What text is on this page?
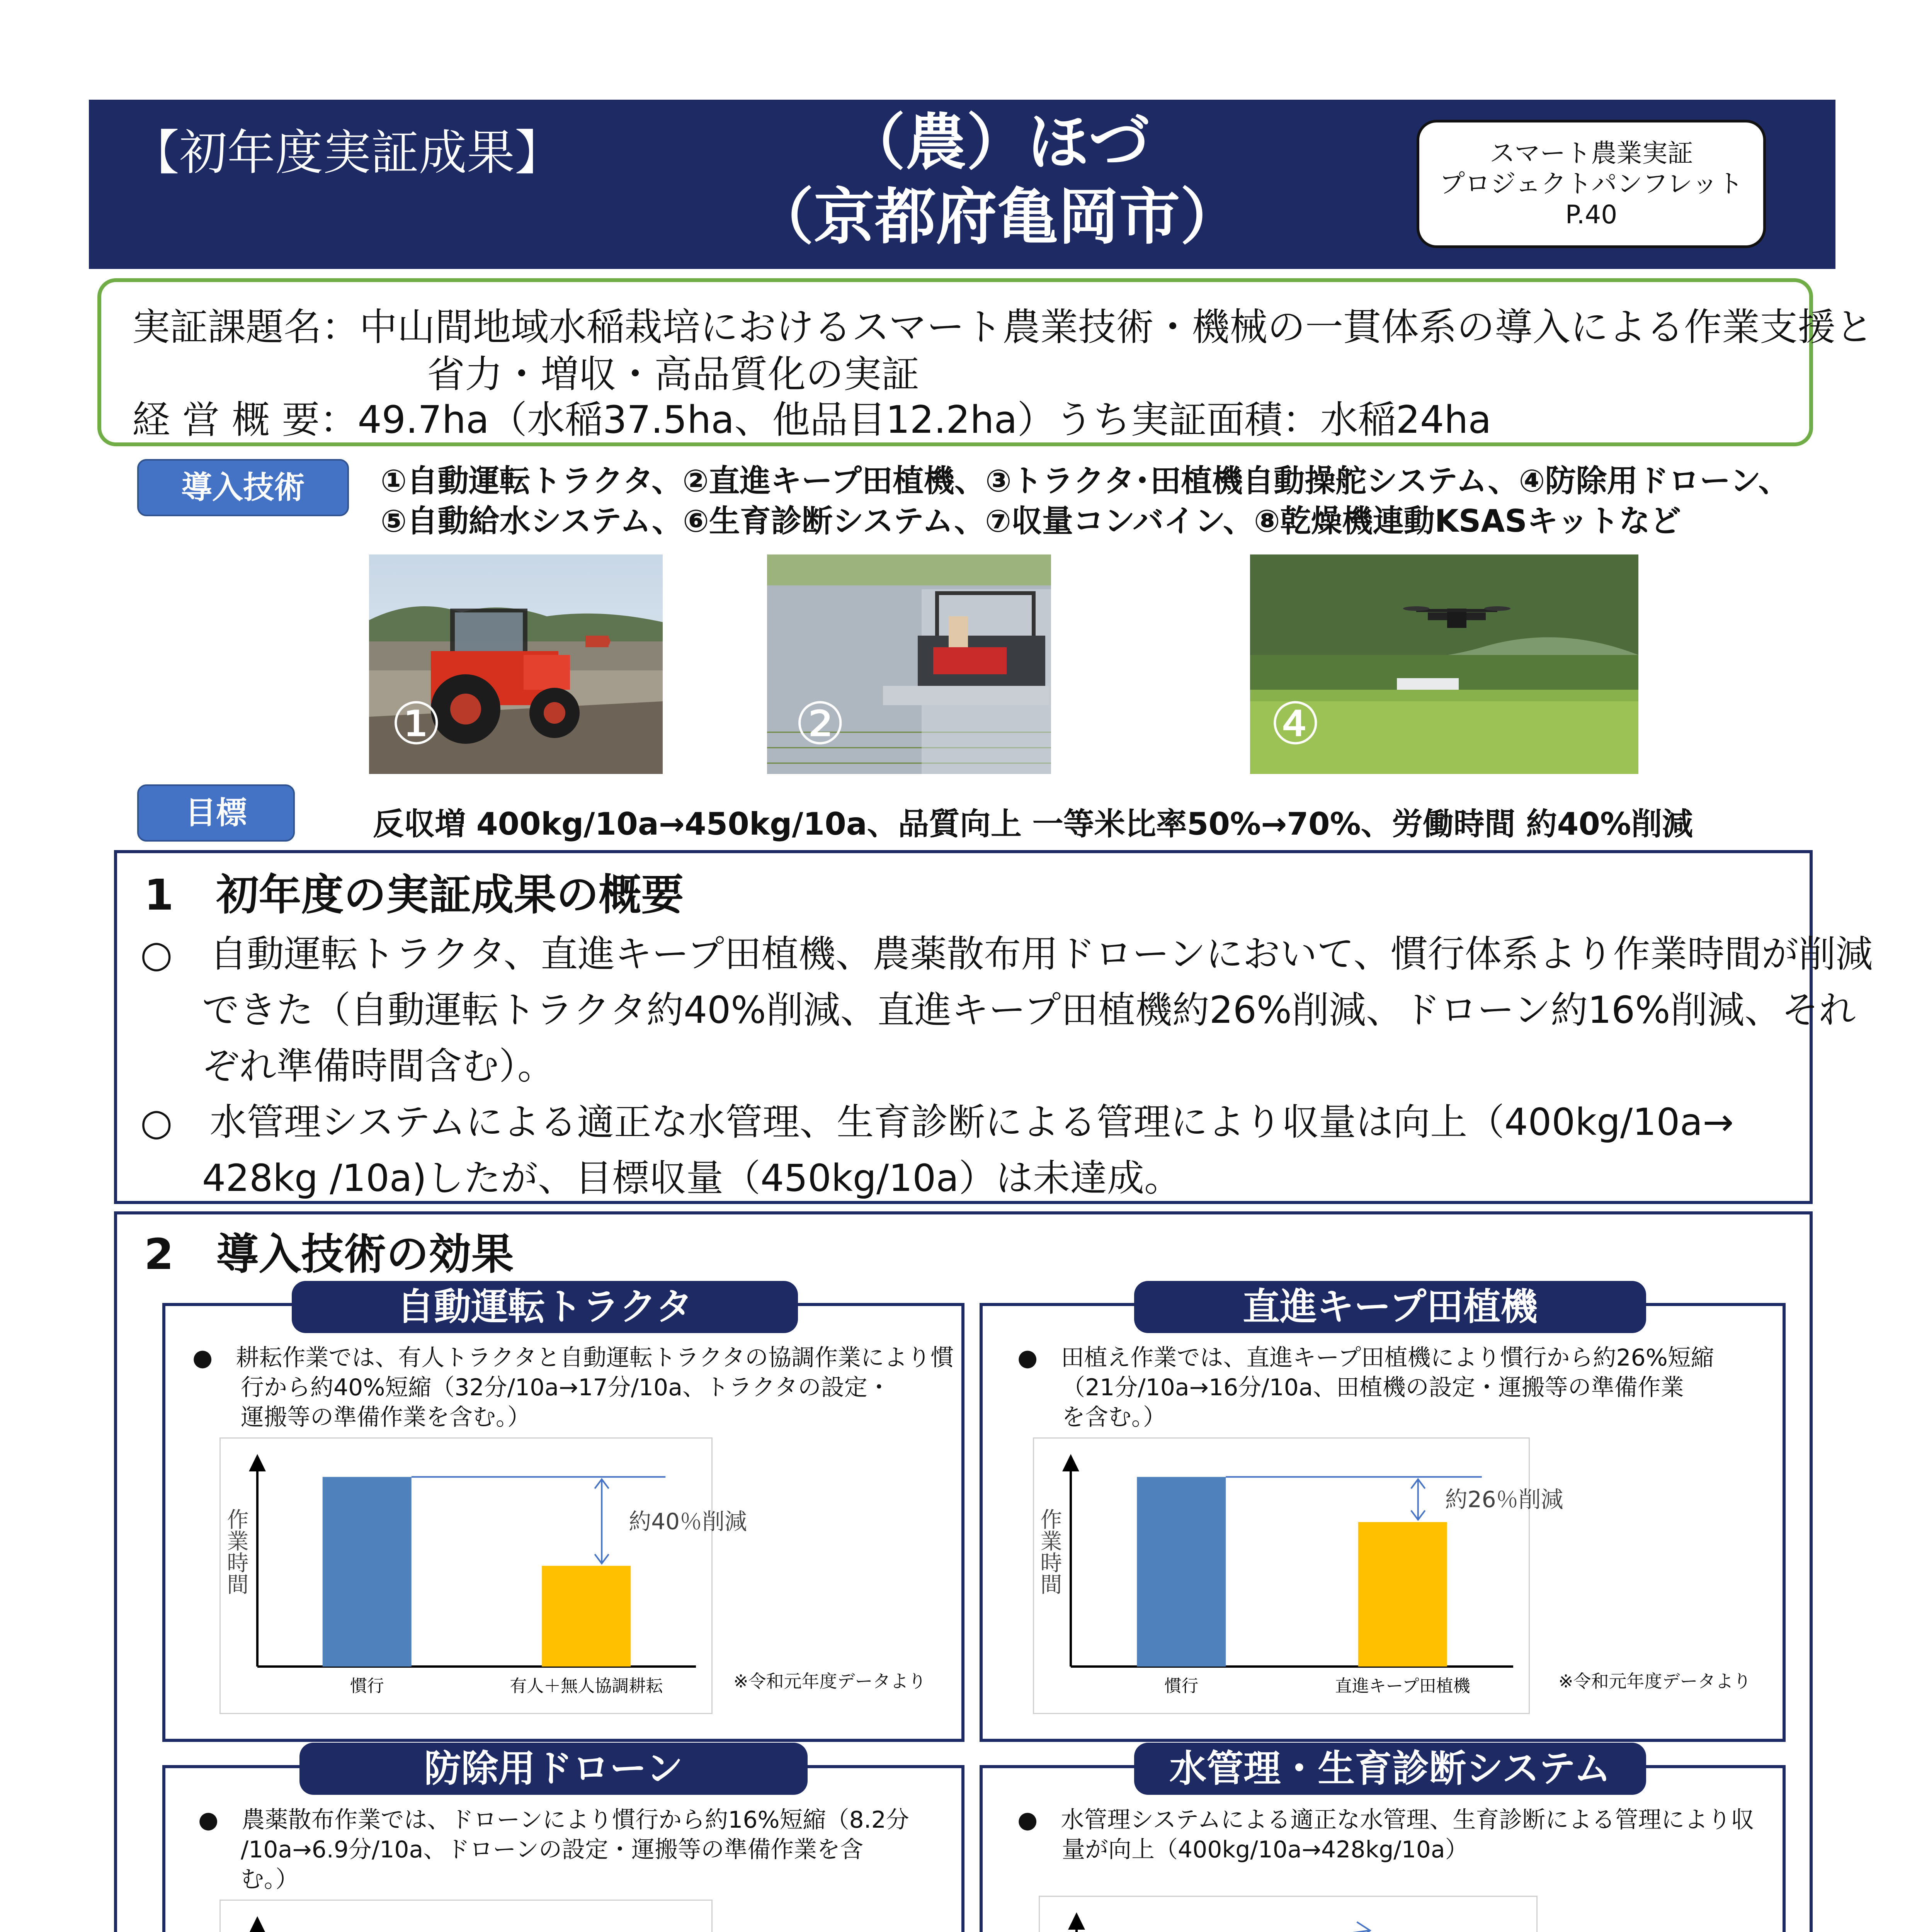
【初年度実証成果】	（農）ほづ
（京都府亀岡市）
スマート農業実証
プロジェクトパンフレット
P.40
実証課題名：中山間地域水稲栽培におけるスマート農業技術・機械の一貫体系の導入による作業支援と
省力・増収・高品質化の実証
経 営 概 要：49.7ha（水稲37.5ha、他品目12.2ha）うち実証面積：水稲24ha
導入技術	①自動運転トラクタ、②直進キープ田植機、③トラクタ･田植機自動操舵システム、④防除用ドローン、
⑤自動給水システム、⑥生育診断システム、⑦収量コンバイン、⑧乾燥機連動KSASキットなど
①	②	④
目標	反収増 400kg/10a→450kg/10a、品質向上 一等米比率50%→70%、労働時間 約40%削減
1　初年度の実証成果の概要
○　自動運転トラクタ、直進キープ田植機、農薬散布用ドローンにおいて、慣行体系より作業時間が削減
できた（自動運転トラクタ約40%削減、直進キープ田植機約26%削減、ドローン約16%削減、それ
ぞれ準備時間含む）。
○　水管理システムによる適正な水管理、生育診断による管理により収量は向上（400kg/10a→
428kg /10a)したが、目標収量（450kg/10a）は未達成。
2　導入技術の効果
●　耕耘作業では、有人トラクタと自動運転トラクタの協調作業により慣
行から約40%短縮（32分/10a→17分/10a、トラクタの設定・
運搬等の準備作業を含む。）
作業時間
慣行	有人＋無人協調耕耘
約40％削減
※令和元年度データより
自動運転トラクタ
●　田植え作業では、直進キープ田植機により慣行から約26%短縮
（21分/10a→16分/10a、田植機の設定・運搬等の準備作業
を含む。）
作業時間
慣行	直進キープ田植機
約26％削減
※令和元年度データより
直進キープ田植機
●　農薬散布作業では、ドローンにより慣行から約16%短縮（8.2分
/10a→6.9分/10a、ドローンの設定・運搬等の準備作業を含
む。）
防除用ドローン
●　水管理システムによる適正な水管理、生育診断による管理により収
量が向上（400kg/10a→428kg/10a）
水管理・生育診断システム
